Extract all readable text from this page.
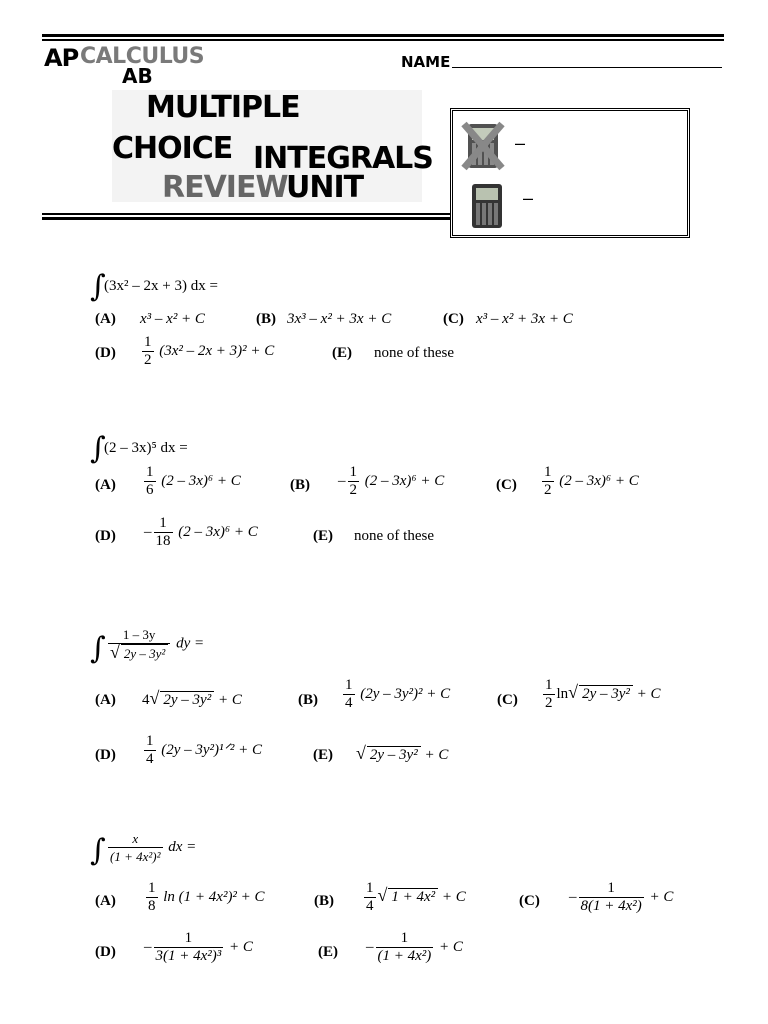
AP CALCULUS
AB
NAME
MULTIPLE
CHOICE INTEGRALS
REVIEW
UNIT
–
–
∫
(3x² – 2x + 3) dx =
(A) x³ – x² + C	(B) 3x³ – x² + 3x + C	(C) x³ – x² + 3x + C
$(D) \frac{1}{2} (3x^2 - 2x + 3)^2 + C$	(E) none of these
∫
(2 – 3x)⁵ dx =
$(A) \frac{1}{6} (2 - 3x)^6 + C$	$(B) - \frac{1}{2} (2 - 3x)^6 + C$	$(C) \frac{1}{2} (2 - 3x)^6 + C$
$(D) - \frac{1}{18} (2 - 3x)^6 + C$	(E) none of these
∫ $\frac{1 - 3y}{\text{√ 2y – 3y²}}$ dy =
(A) 4√ 2y – 3y² + C	$(B) \frac{1}{4} (2y - 3y^2)^2 + C$	$(C) \frac{1}{2} \ln√$ 2y – 3y² + C
$(D) \frac{1}{4} (2y$ – 3y²)¹ᐟ² + C	(E) √ 2y – 3y² + C
∫ $\frac{x}{\text{(1 + 4x²)²}}$ dx =
$(A) \frac{1}{8}$ ln (1 + 4x²)² + C	$(B) \frac{1}{4}$ √ 1 + 4x² + C	$(C) - \frac{1}{\text{8(1 + 4x²)}} + C$
$(D) - \frac{1}{\text{3(1 + 4x²)³}} + C$	$(E) - \frac{1}{\text{(1 + 4x²)}} + C$
